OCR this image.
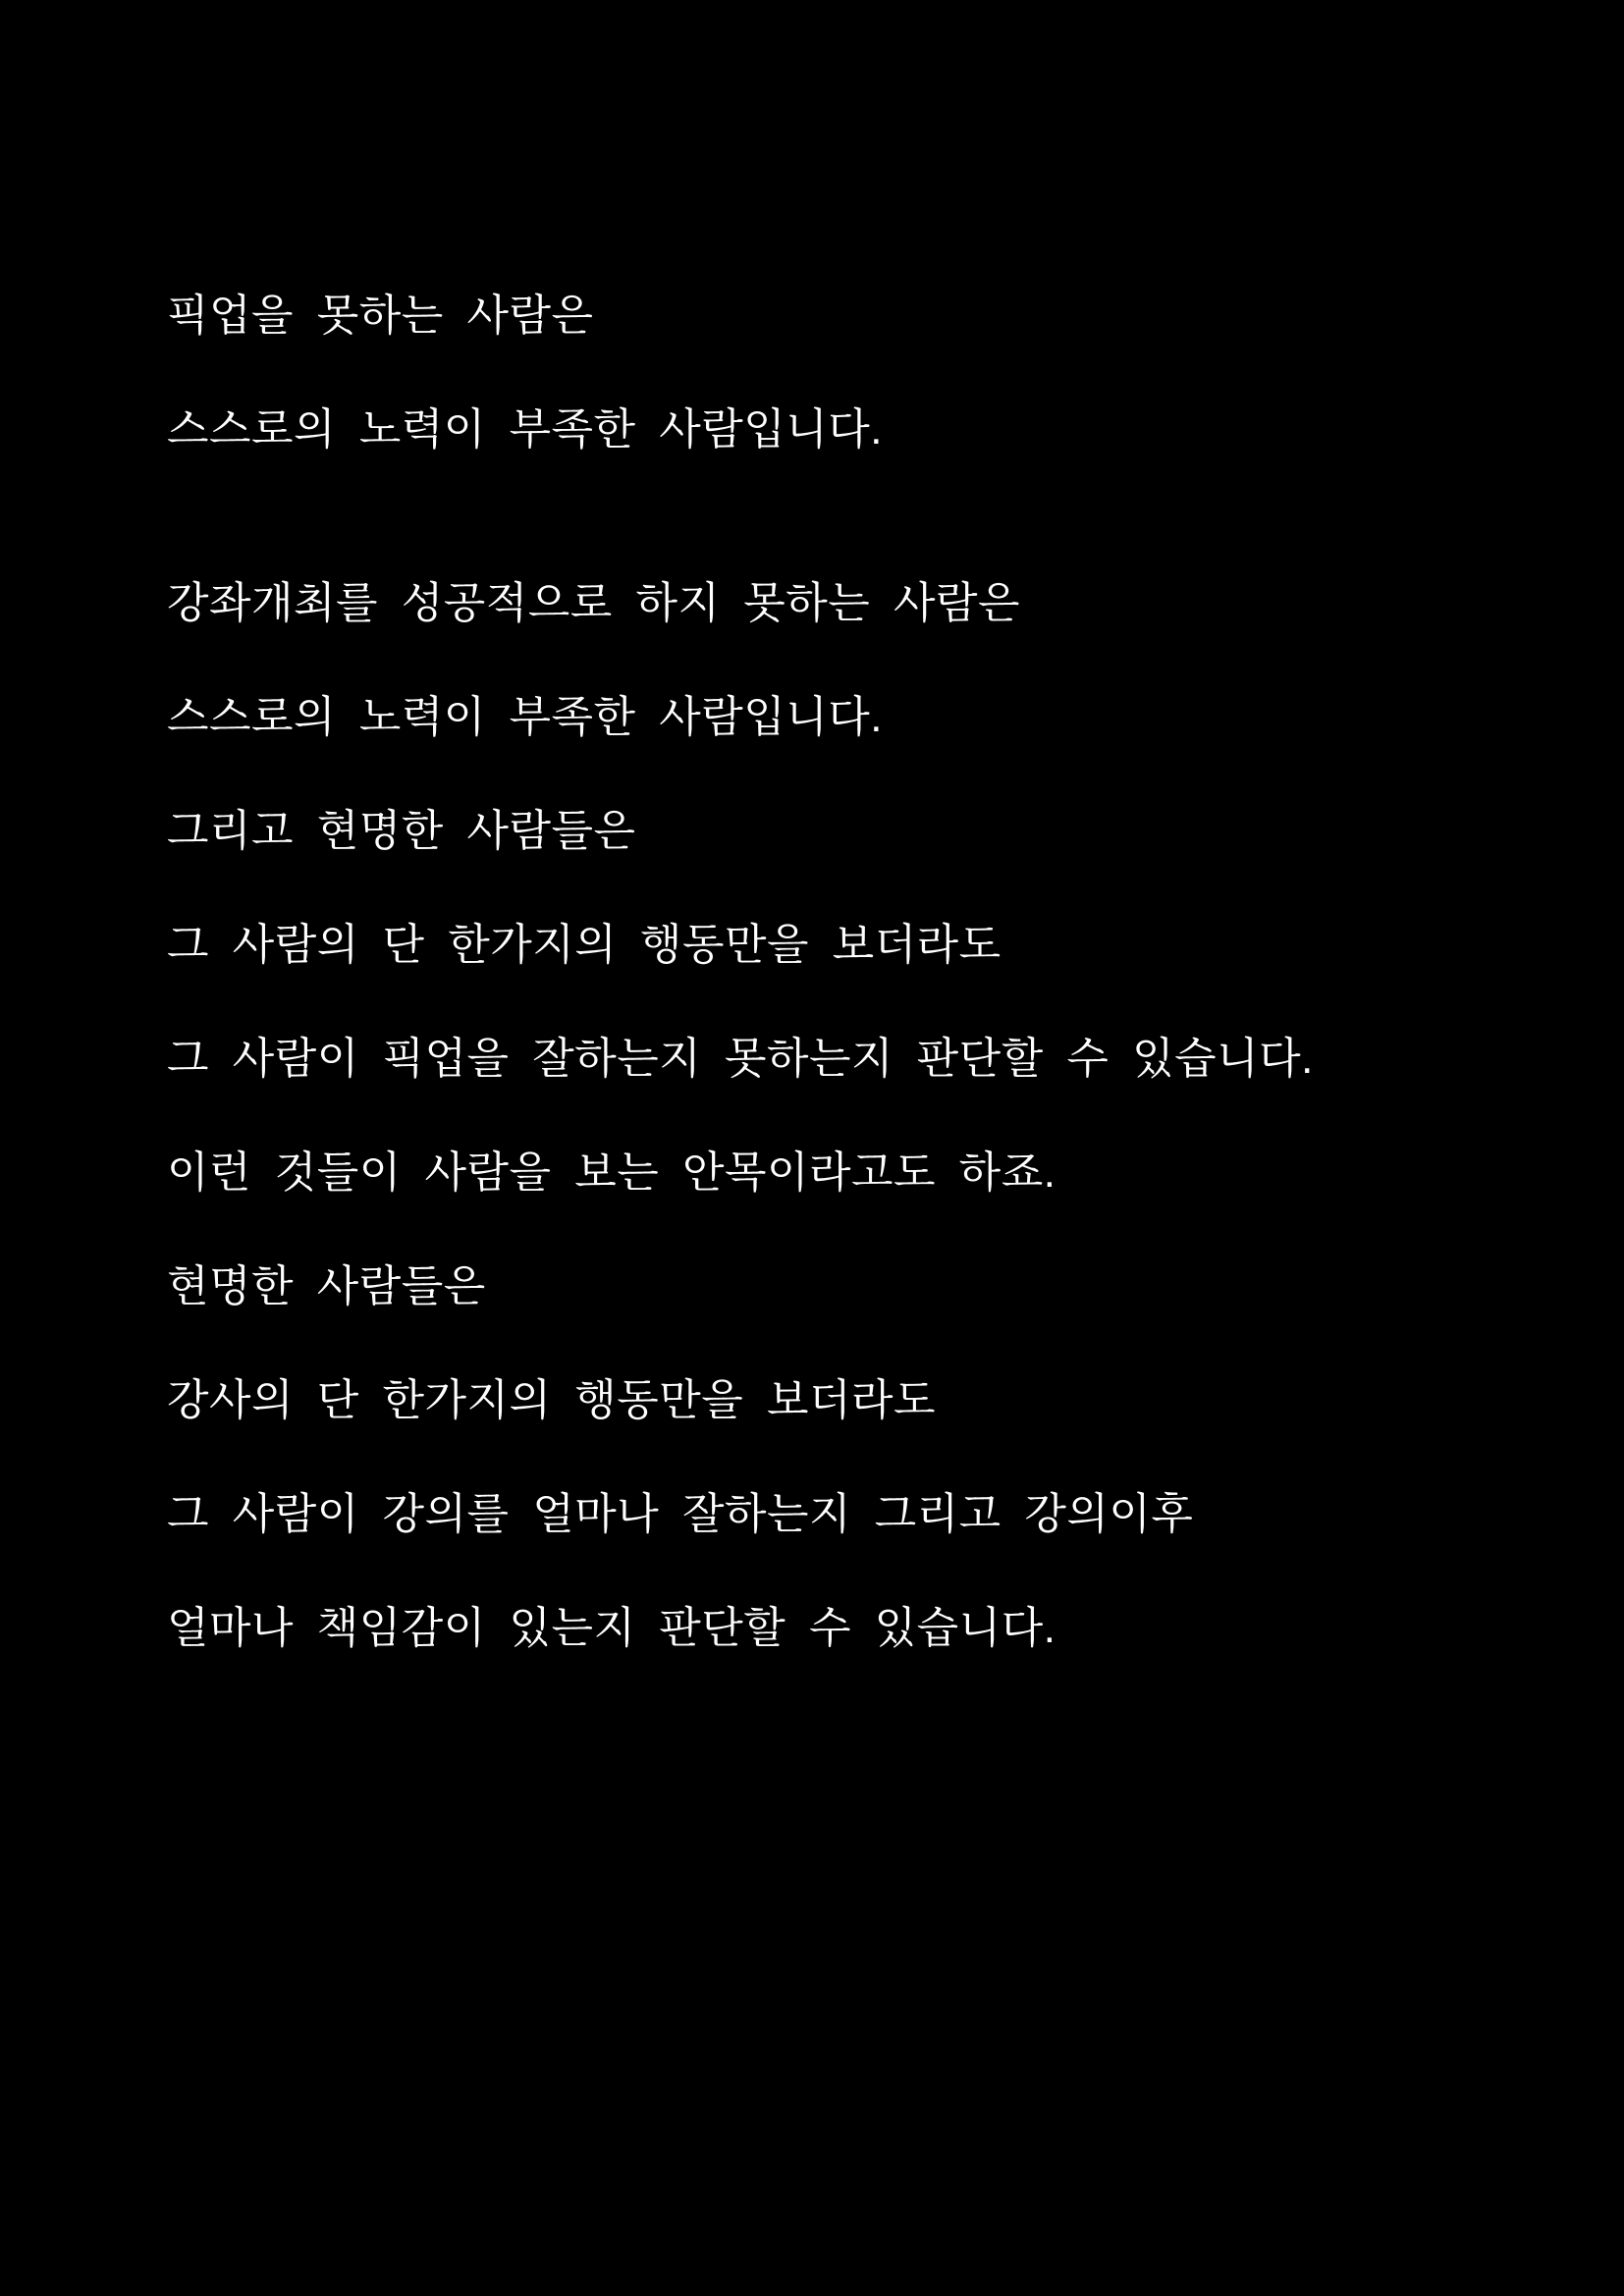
픽업을 못하는 사람은
스스로의 노력이 부족한 사람입니다.
강좌개최를 성공적으로 하지 못하는 사람은
스스로의 노력이 부족한 사람입니다.
그리고 현명한 사람들은
그 사람의 단 한가지의 행동만을 보더라도
그 사람이 픽업을 잘하는지 못하는지 판단할 수 있습니다.
이런 것들이 사람을 보는 안목이라고도 하죠.
현명한 사람들은
강사의 단 한가지의 행동만을 보더라도
그 사람이 강의를 얼마나 잘하는지 그리고 강의이후
얼마나 책임감이 있는지 판단할 수 있습니다.
